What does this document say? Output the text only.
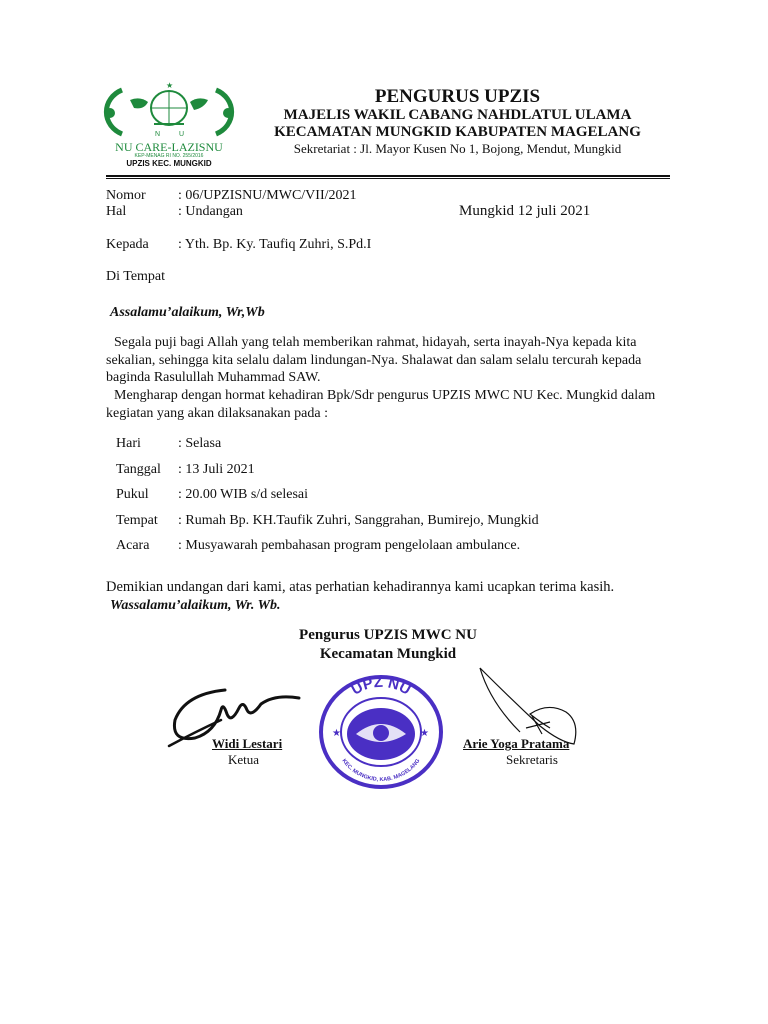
N	U
★
NU CARE-LAZISNU
KEP-MENAG RI NO. 255/2016
UPZIS KEC. MUNGKID
PENGURUS UPZIS
MAJELIS WAKIL CABANG NAHDLATUL ULAMA
KECAMATAN MUNGKID KABUPATEN MAGELANG
Sekretariat : Jl. Mayor Kusen No 1, Bojong, Mendut, Mungkid
Nomor : 06/UPZISNU/MWC/VII/2021
Hal	: Undangan	Mungkid 12 juli 2021
Kepada : Yth. Bp. Ky. Taufiq Zuhri, S.Pd.I
Di Tempat
Assalamu’alaikum, Wr,Wb
Segala puji bagi Allah yang telah memberikan rahmat, hidayah, serta inayah-Nya kepada kita sekalian, sehingga kita selalu dalam lindungan-Nya. Shalawat dan salam selalu tercurah kepada baginda Rasulullah Muhammad SAW.
Mengharap dengan hormat kehadiran Bpk/Sdr pengurus UPZIS MWC NU Kec. Mungkid dalam kegiatan yang akan dilaksanakan pada :
Hari	: Selasa
Tanggal : 13 Juli 2021
Pukul : 20.00 WIB s/d selesai
Tempat : Rumah Bp. KH.Taufik Zuhri, Sanggrahan, Bumirejo, Mungkid
Acara : Musyawarah pembahasan program pengelolaan ambulance.
Demikian undangan dari kami, atas perhatian kehadirannya kami ucapkan terima kasih.
Wassalamu’alaikum, Wr. Wb.
Pengurus UPZIS MWC NU
Kecamatan Mungkid
★	★
UPZ NU
KEC. MUNGKID, KAB. MAGELANG
Widi Lestari
Ketua
Arie Yoga Pratama
Sekretaris
